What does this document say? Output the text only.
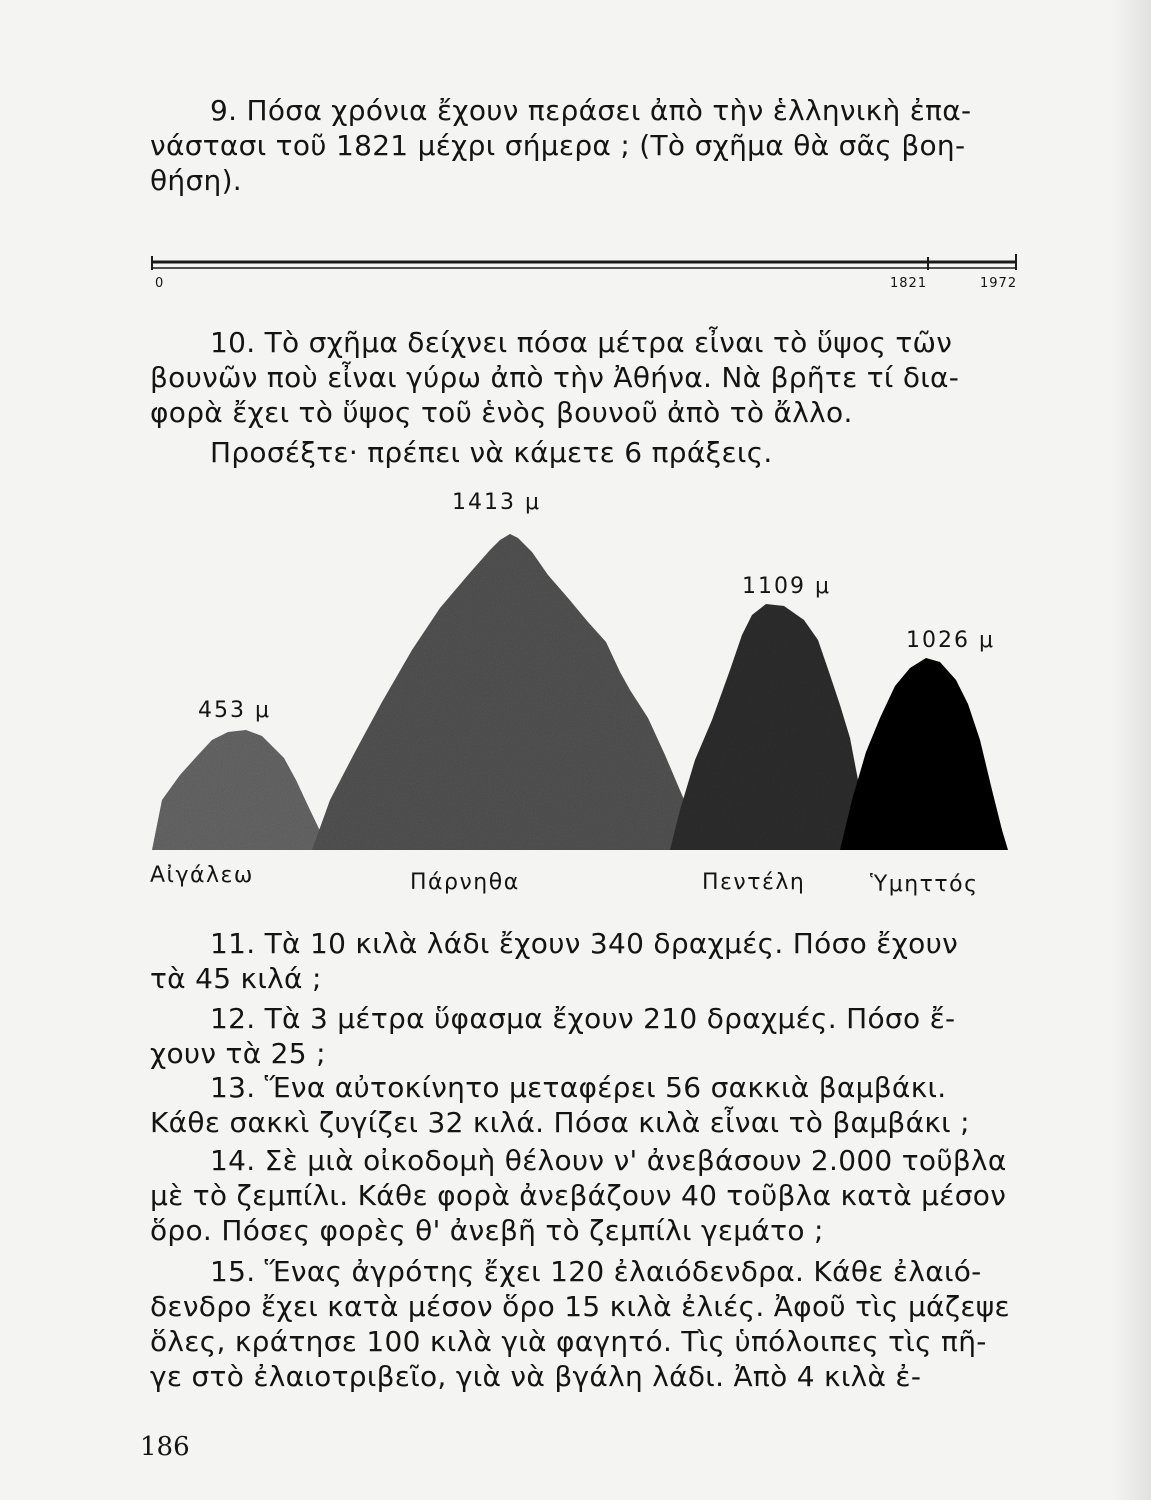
9. Πόσα χρόνια ἔχουν περάσει ἀπὸ τὴν ἑλληνικὴ ἐπα-
νάστασι τοῦ 1821 μέχρι σήμερα ; (Τὸ σχῆμα θὰ σᾶς βοη-
θήση).
0	1821	1972
10. Τὸ σχῆμα δείχνει πόσα μέτρα εἶναι τὸ ὕψος τῶν
βουνῶν ποὺ εἶναι γύρω ἀπὸ τὴν Ἀθήνα. Νὰ βρῆτε τί δια-
φορὰ ἔχει τὸ ὕψος τοῦ ἑνὸς βουνοῦ ἀπὸ τὸ ἄλλο.
Προσέξτε· πρέπει νὰ κάμετε 6 πράξεις.
453 μ
1413 μ
1109 μ
1026 μ
Αἰγάλεω	Πάρνηθα	Πεντέλη	Ὑμηττός
11. Τὰ 10 κιλὰ λάδι ἔχουν 340 δραχμές. Πόσο ἔχουν
τὰ 45 κιλά ;
12. Τὰ 3 μέτρα ὕφασμα ἔχουν 210 δραχμές. Πόσο ἔ-
χουν τὰ 25 ;
13. Ἕνα αὐτοκίνητο μεταφέρει 56 σακκιὰ βαμβάκι.
Κάθε σακκὶ ζυγίζει 32 κιλά. Πόσα κιλὰ εἶναι τὸ βαμβάκι ;
14. Σὲ μιὰ οἰκοδομὴ θέλουν ν' ἀνεβάσουν 2.000 τοῦβλα
μὲ τὸ ζεμπίλι. Κάθε φορὰ ἀνεβάζουν 40 τοῦβλα κατὰ μέσον
ὅρο. Πόσες φορὲς θ' ἀνεβῆ τὸ ζεμπίλι γεμάτο ;
15. Ἕνας ἀγρότης ἔχει 120 ἐλαιόδενδρα. Κάθε ἐλαιό-
δενδρο ἔχει κατὰ μέσον ὅρο 15 κιλὰ ἐλιές. Ἀφοῦ τὶς μάζεψε
ὅλες, κράτησε 100 κιλὰ γιὰ φαγητό. Τὶς ὑπόλοιπες τὶς πῆ-
γε στὸ ἐλαιοτριβεῖο, γιὰ νὰ βγάλη λάδι. Ἀπὸ 4 κιλὰ ἐ-
186
